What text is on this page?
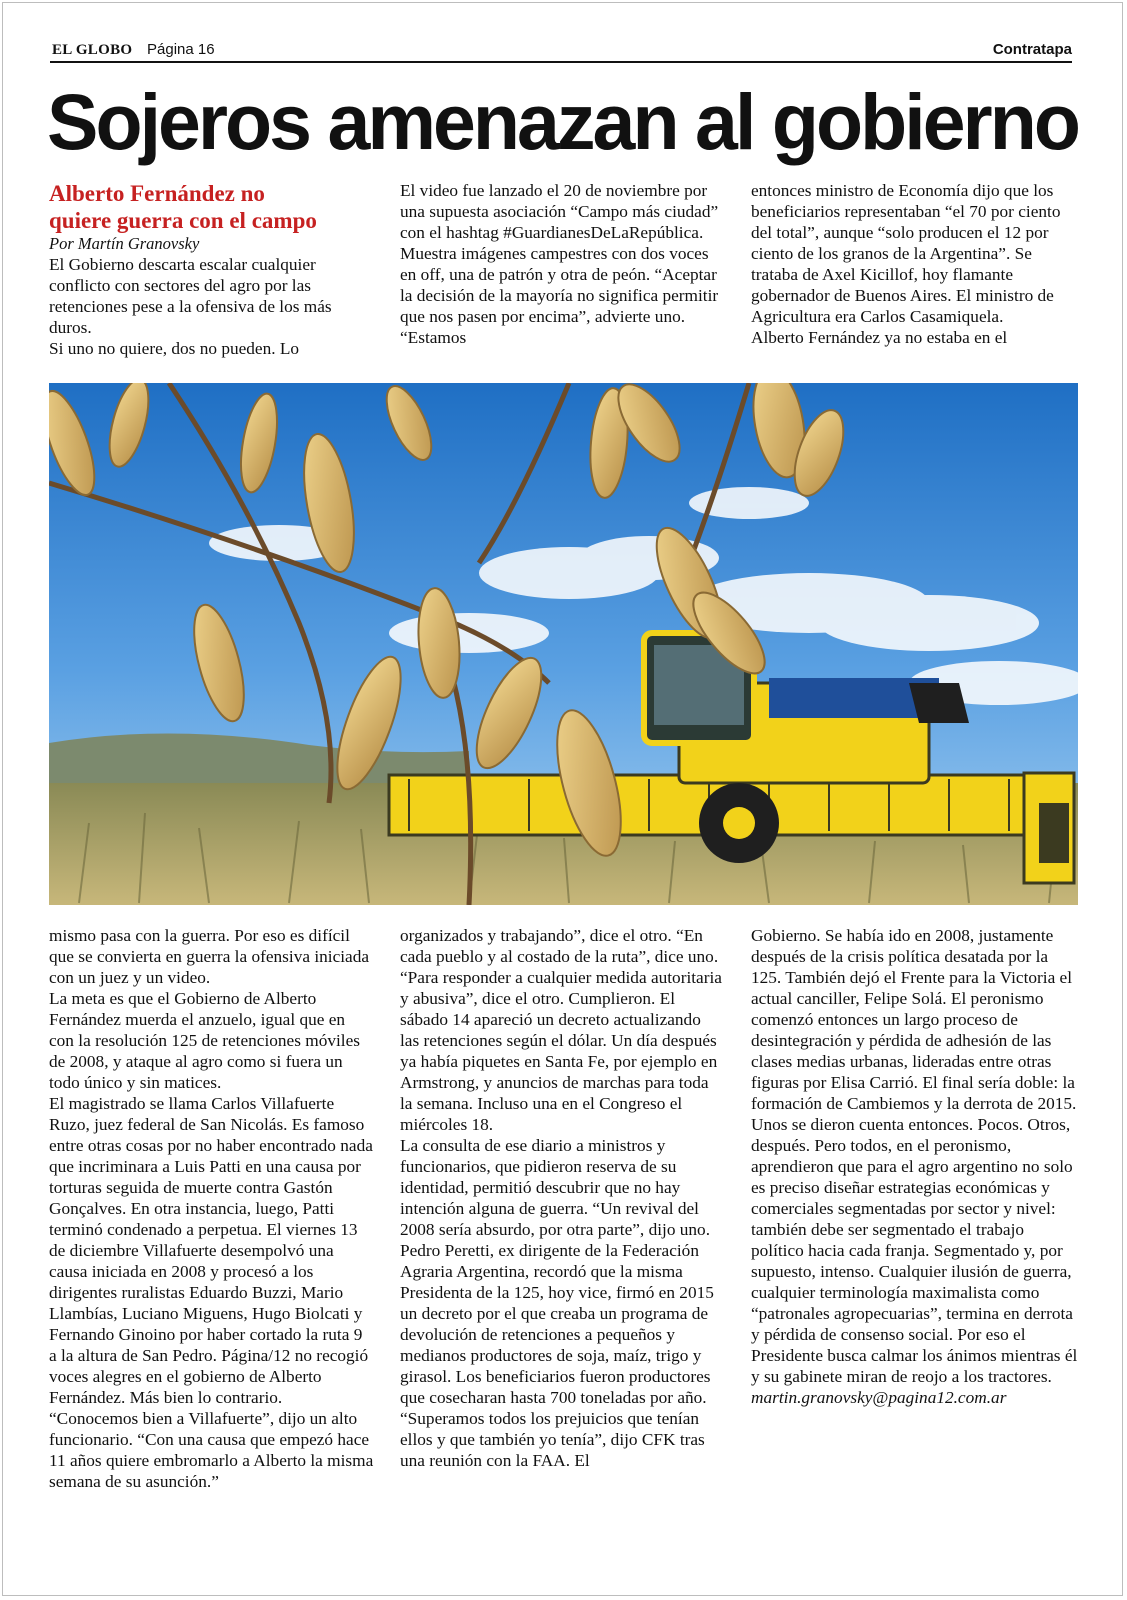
EL GLOBO Página 16	Contratapa
Sojeros amenazan al gobierno

Alberto Fernández no
quiere guerra con el campo

Por Martín Granovsky

El Gobierno descarta escalar cualquier conflicto con sectores del agro por las retenciones pese a la ofensiva de los más duros.

Si uno no quiere, dos no pueden. Lo

El video fue lanzado el 20 de noviembre por una supuesta asociación “Campo más ciudad” con el hashtag #GuardianesDeLaRepública. Muestra imágenes campestres con dos voces en off, una de patrón y otra de peón. “Aceptar la decisión de la mayoría no significa permitir que nos pasen por encima”, advierte uno. “Estamos

entonces ministro de Economía dijo que los beneficiarios representaban “el 70 por ciento del total”, aunque “solo producen el 12 por ciento de los granos de la Argentina”. Se trataba de Axel Kicillof, hoy flamante gobernador de Buenos Aires. El ministro de Agricultura era Carlos Casamiquela.

Alberto Fernández ya no estaba en el

mismo pasa con la guerra. Por eso es difícil que se convierta en guerra la ofensiva iniciada con un juez y un video.

La meta es que el Gobierno de Alberto Fernández muerda el anzuelo, igual que en con la resolución 125 de retenciones móviles de 2008, y ataque al agro como si fuera un todo único y sin matices.

El magistrado se llama Carlos Villafuerte Ruzo, juez federal de San Nicolás. Es famoso entre otras cosas por no haber encontrado nada que incriminara a Luis Patti en una causa por torturas seguida de muerte contra Gastón Gonçalves. En otra instancia, luego, Patti terminó condenado a perpetua. El viernes 13 de diciembre Villafuerte desempolvó una causa iniciada en 2008 y procesó a los dirigentes ruralistas Eduardo Buzzi, Mario Llambías, Luciano Miguens, Hugo Biolcati y Fernando Ginoino por haber cortado la ruta 9 a la altura de San Pedro. Página/12 no recogió voces alegres en el gobierno de Alberto Fernández. Más bien lo contrario. “Conocemos bien a Villafuerte”, dijo un alto funcionario. “Con una causa que empezó hace 11 años quiere embromarlo a Alberto la misma semana de su asunción.”

organizados y trabajando”, dice el otro. “En cada pueblo y al costado de la ruta”, dice uno. “Para responder a cualquier medida autoritaria y abusiva”, dice el otro. Cumplieron. El sábado 14 apareció un decreto actualizando las retenciones según el dólar. Un día después ya había piquetes en Santa Fe, por ejemplo en Armstrong, y anuncios de marchas para toda la semana. Incluso una en el Congreso el miércoles 18.

La consulta de ese diario a ministros y funcionarios, que pidieron reserva de su identidad, permitió descubrir que no hay intención alguna de guerra. “Un revival del 2008 sería absurdo, por otra parte”, dijo uno. Pedro Peretti, ex dirigente de la Federación Agraria Argentina, recordó que la misma Presidenta de la 125, hoy vice, firmó en 2015 un decreto por el que creaba un programa de devolución de retenciones a pequeños y medianos productores de soja, maíz, trigo y girasol. Los beneficiarios fueron productores que cosecharan hasta 700 toneladas por año. “Superamos todos los prejuicios que tenían ellos y que también yo tenía”, dijo CFK tras una reunión con la FAA. El

Gobierno. Se había ido en 2008, justamente después de la crisis política desatada por la 125. También dejó el Frente para la Victoria el actual canciller, Felipe Solá. El peronismo comenzó entonces un largo proceso de desintegración y pérdida de adhesión de las clases medias urbanas, lideradas entre otras figuras por Elisa Carrió. El final sería doble: la formación de Cambiemos y la derrota de 2015.

Unos se dieron cuenta entonces. Pocos. Otros, después. Pero todos, en el peronismo, aprendieron que para el agro argentino no solo es preciso diseñar estrategias económicas y comerciales segmentadas por sector y nivel: también debe ser segmentado el trabajo político hacia cada franja. Segmentado y, por supuesto, intenso. Cualquier ilusión de guerra, cualquier terminología maximalista como “patronales agropecuarias”, termina en derrota y pérdida de consenso social. Por eso el Presidente busca calmar los ánimos mientras él y su gabinete miran de reojo a los tractores.

martin.granovsky@pagina12.com.ar
